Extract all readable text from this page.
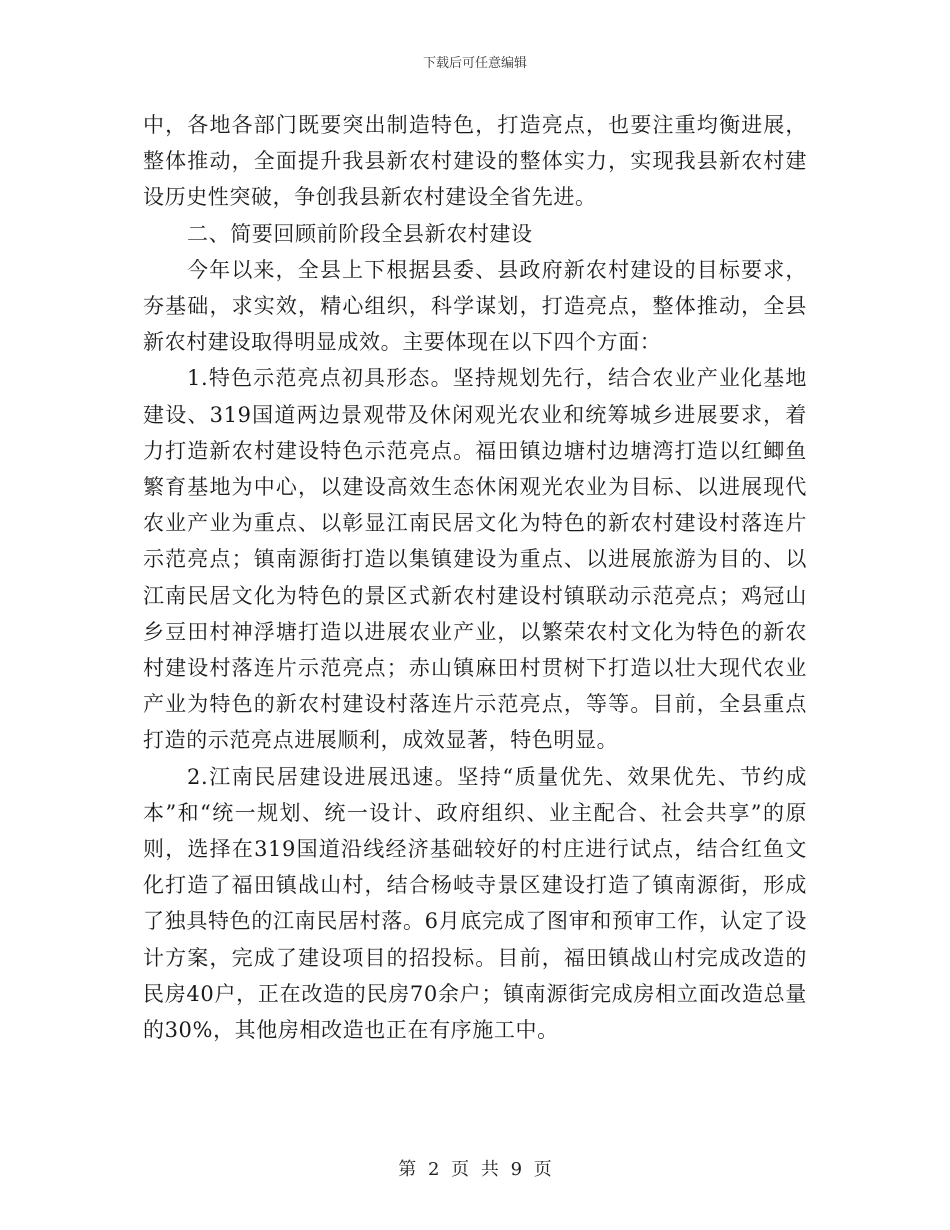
下载后可任意编辑

中，各地各部门既要突出制造特色，打造亮点，也要注重均衡进展，整体推动，全面提升我县新农村建设的整体实力，实现我县新农村建设历史性突破，争创我县新农村建设全省先进。

二、简要回顾前阶段全县新农村建设

今年以来，全县上下根据县委、县政府新农村建设的目标要求，夯基础，求实效，精心组织，科学谋划，打造亮点，整体推动，全县新农村建设取得明显成效。主要体现在以下四个方面：

1.特色示范亮点初具形态。坚持规划先行，结合农业产业化基地建设、319国道两边景观带及休闲观光农业和统筹城乡进展要求，着力打造新农村建设特色示范亮点。福田镇边塘村边塘湾打造以红鲫鱼繁育基地为中心，以建设高效生态休闲观光农业为目标、以进展现代农业产业为重点、以彰显江南民居文化为特色的新农村建设村落连片示范亮点；镇南源街打造以集镇建设为重点、以进展旅游为目的、以江南民居文化为特色的景区式新农村建设村镇联动示范亮点；鸡冠山乡豆田村神浮塘打造以进展农业产业，以繁荣农村文化为特色的新农村建设村落连片示范亮点；赤山镇麻田村贯树下打造以壮大现代农业产业为特色的新农村建设村落连片示范亮点，等等。目前，全县重点打造的示范亮点进展顺利，成效显著，特色明显。

2.江南民居建设进展迅速。坚持“质量优先、效果优先、节约成本”和“统一规划、统一设计、政府组织、业主配合、社会共享”的原则，选择在319国道沿线经济基础较好的村庄进行试点，结合红鱼文化打造了福田镇战山村，结合杨岐寺景区建设打造了镇南源街，形成了独具特色的江南民居村落。6月底完成了图审和预审工作，认定了设计方案，完成了建设项目的招投标。目前，福田镇战山村完成改造的民房40户，正在改造的民房70余户；镇南源街完成房相立面改造总量的30%，其他房相改造也正在有序施工中。

第 2 页 共 9 页
